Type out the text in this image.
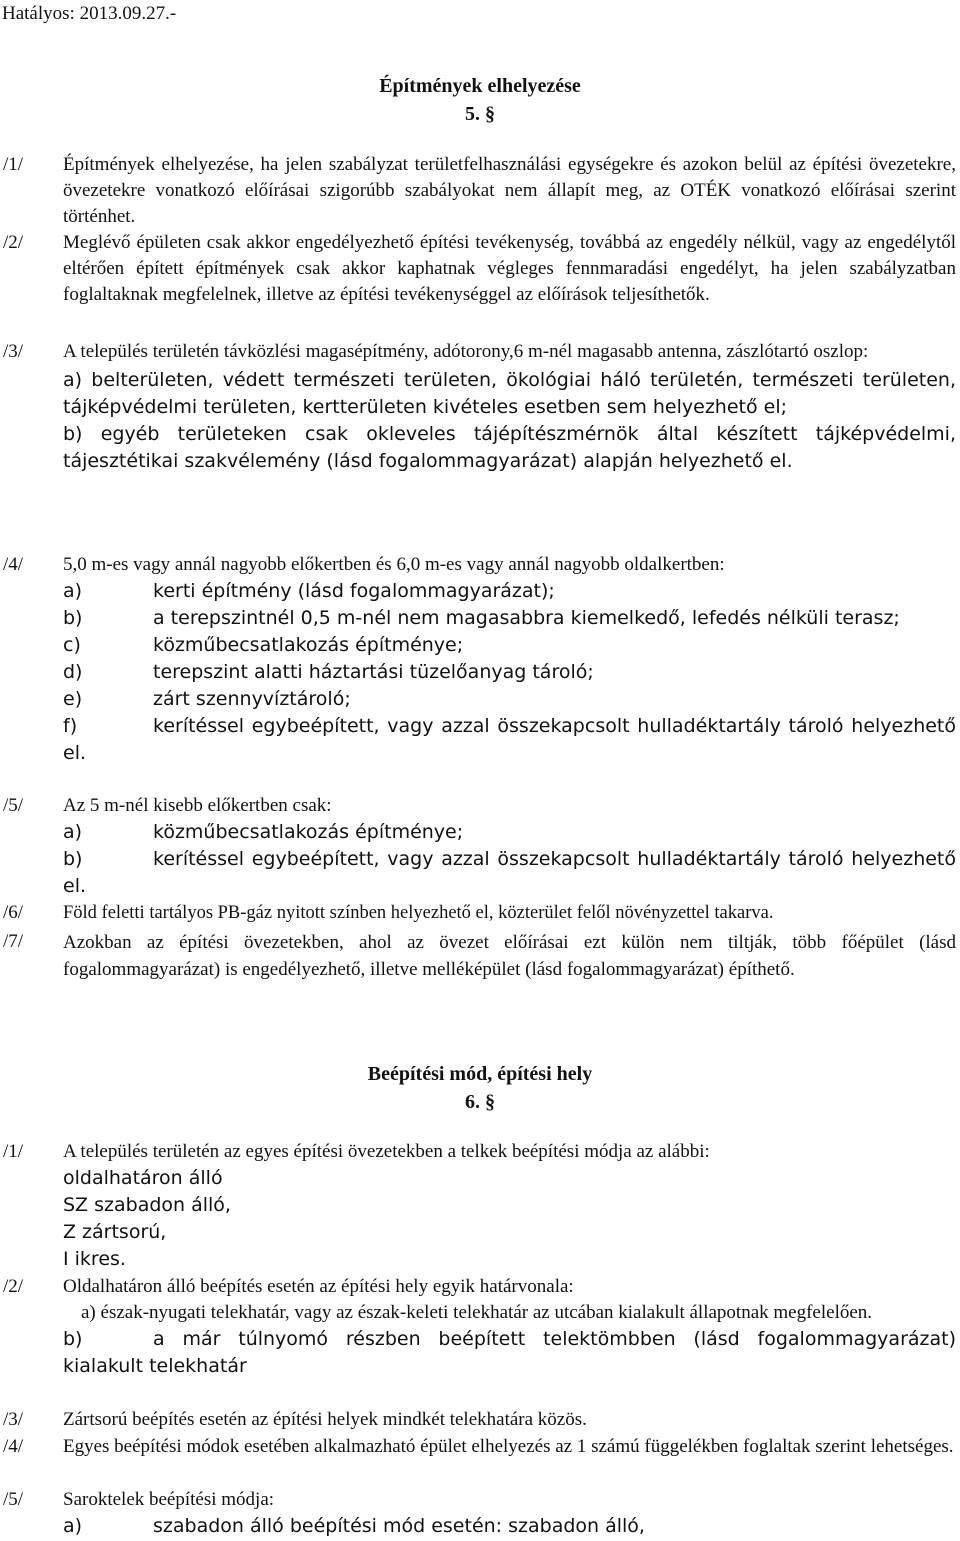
Hatályos: 2013.09.27.-
Építmények elhelyezése
5. §
/1/	Építmények elhelyezése, ha jelen szabályzat területfelhasználási egységekre és azokon belül az építési övezetekre, övezetekre vonatkozó előírásai szigorúbb szabályokat nem állapít meg, az OTÉK vonatkozó előírásai szerint történhet.
/2/	Meglévő épületen csak akkor engedélyezhető építési tevékenység, továbbá az engedély nélkül, vagy az engedélytől eltérően épített építmények csak akkor kaphatnak végleges fennmaradási engedélyt, ha jelen szabályzatban foglaltaknak megfelelnek, illetve az építési tevékenységgel az előírások teljesíthetők.
/3/	A település területén távközlési magasépítmény, adótorony,6 m-nél magasabb antenna, zászlótartó oszlop:
a) belterületen, védett természeti területen, ökológiai háló területén, természeti területen, tájképvédelmi területen, kertterületen kivételes esetben sem helyezhető el;
b) egyéb területeken csak okleveles tájépítészmérnök által készített tájképvédelmi, tájesztétikai szakvélemény (lásd fogalommagyarázat) alapján helyezhető el.
/4/	5,0 m-es vagy annál nagyobb előkertben és 6,0 m-es vagy annál nagyobb oldalkertben:
a)	kerti építmény (lásd fogalommagyarázat);
b)	a terepszintnél 0,5 m-nél nem magasabbra kiemelkedő, lefedés nélküli terasz;
c)	közműbecsatlakozás építménye;
d)	terepszint alatti háztartási tüzelőanyag tároló;
e)	zárt szennyvíztároló;
f)	kerítéssel egybeépített, vagy azzal összekapcsolt hulladéktartály tároló helyezhető el.
/5/	Az 5 m-nél kisebb előkertben csak:
a)	közműbecsatlakozás építménye;
b)	kerítéssel egybeépített, vagy azzal összekapcsolt hulladéktartály tároló helyezhető el.
/6/	Föld feletti tartályos PB-gáz nyitott színben helyezhető el, közterület felől növényzettel takarva.
/7/	Azokban az építési övezetekben, ahol az övezet előírásai ezt külön nem tiltják, több főépület (lásd fogalommagyarázat) is engedélyezhető, illetve melléképület (lásd fogalommagyarázat) építhető.
Beépítési mód, építési hely
6. §
/1/	A település területén az egyes építési övezetekben a telkek beépítési módja az alábbi:
oldalhatáron álló
SZ szabadon álló,
Z zártsorú,
I ikres.
/2/	Oldalhatáron álló beépítés esetén az építési hely egyik határvonala:
a) észak-nyugati telekhatár, vagy az észak-keleti telekhatár az utcában kialakult állapotnak megfelelően.
b)	a már túlnyomó részben beépített telektömbben (lásd fogalommagyarázat) kialakult telekhatár
/3/	Zártsorú beépítés esetén az építési helyek mindkét telekhatára közös.
/4/	Egyes beépítési módok esetében alkalmazható épület elhelyezés az 1 számú függelékben foglaltak szerint lehetséges.
/5/	Saroktelek beépítési módja:
a)	szabadon álló beépítési mód esetén: szabadon álló,
